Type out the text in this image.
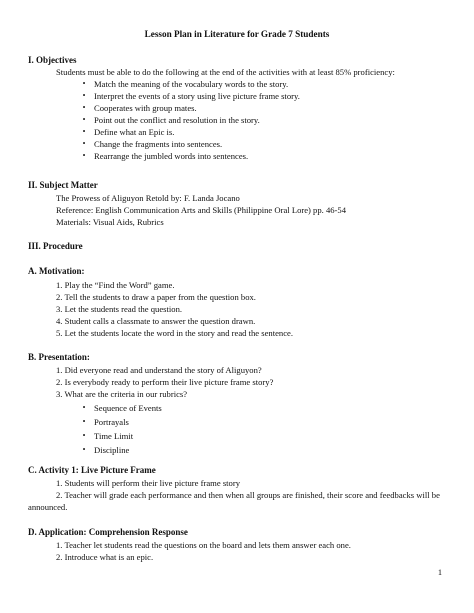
Lesson Plan in Literature for Grade 7 Students
I. Objectives
Students must be able to do the following at the end of the activities with at least 85% proficiency:
• Match the meaning of the vocabulary words to the story.
• Interpret the events of a story using live picture frame story.
• Cooperates with group mates.
• Point out the conflict and resolution in the story.
• Define what an Epic is.
• Change the fragments into sentences.
• Rearrange the jumbled words into sentences.
II. Subject Matter
The Prowess of Aliguyon Retold by: F. Landa Jocano
Reference: English Communication Arts and Skills (Philippine Oral Lore) pp. 46-54
Materials: Visual Aids, Rubrics
III. Procedure
A. Motivation:
1. Play the “Find the Word” game.
2. Tell the students to draw a paper from the question box.
3. Let the students read the question.
4. Student calls a classmate to answer the question drawn.
5. Let the students locate the word in the story and read the sentence.
B. Presentation:
1. Did everyone read and understand the story of Aliguyon?
2. Is everybody ready to perform their live picture frame story?
3. What are the criteria in our rubrics?
• Sequence of Events
• Portrayals
• Time Limit
• Discipline
C. Activity 1: Live Picture Frame
1. Students will perform their live picture frame story
2. Teacher will grade each performance and then when all groups are finished, their score and feedbacks will be announced.
D. Application: Comprehension Response
1. Teacher let students read the questions on the board and lets them answer each one.
2. Introduce what is an epic.
1
